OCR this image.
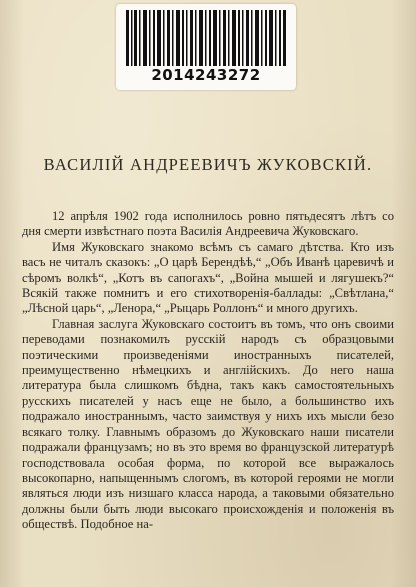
2014243272
ВАСИЛІЙ АНДРЕЕВИЧЪ ЖУКОВСКІЙ.

12 апрѣля 1902 года исполнилось ровно пятьдесятъ лѣтъ со дня смерти извѣстнаго поэта Василія Андреевича Жуковскаго.

Имя Жуковскаго знакомо всѣмъ съ самаго дѣтства. Кто изъ васъ не читалъ сказокъ: „О царѣ Берендѣѣ,“ „Объ Иванѣ царевичѣ и сѣромъ волкѣ“, „Котъ въ сапогахъ“, „Война мышей и лягушекъ?“ Всякій также помнитъ и его стихотворенія-баллады: „Свѣтлана,“ „Лѣсной царь“, „Ленора,“ „Рыцарь Роллонъ“ и много другихъ.

Главная заслуга Жуковскаго состоитъ въ томъ, что онъ своими переводами познакомилъ русскій народъ съ образцовыми поэтическими произведеніями иностранныхъ писателей, преимущественно нѣмецкихъ и англійскихъ. До него наша литература была слишкомъ бѣдна, такъ какъ самостоятельныхъ русскихъ писателей у насъ еще не было, а большинство ихъ подражало иностраннымъ, часто заимствуя у нихъ ихъ мысли безо всякаго толку. Главнымъ образомъ до Жуковскаго наши писатели подражали французамъ; но въ это время во французской литературѣ господствовала особая форма, по которой все выражалось высокопарно, напыщеннымъ слогомъ, въ которой героями не могли являться люди изъ низшаго класса народа, а таковыми обязательно должны были быть люди высокаго происхожденія и положенія въ обществѣ. Подобное на-
